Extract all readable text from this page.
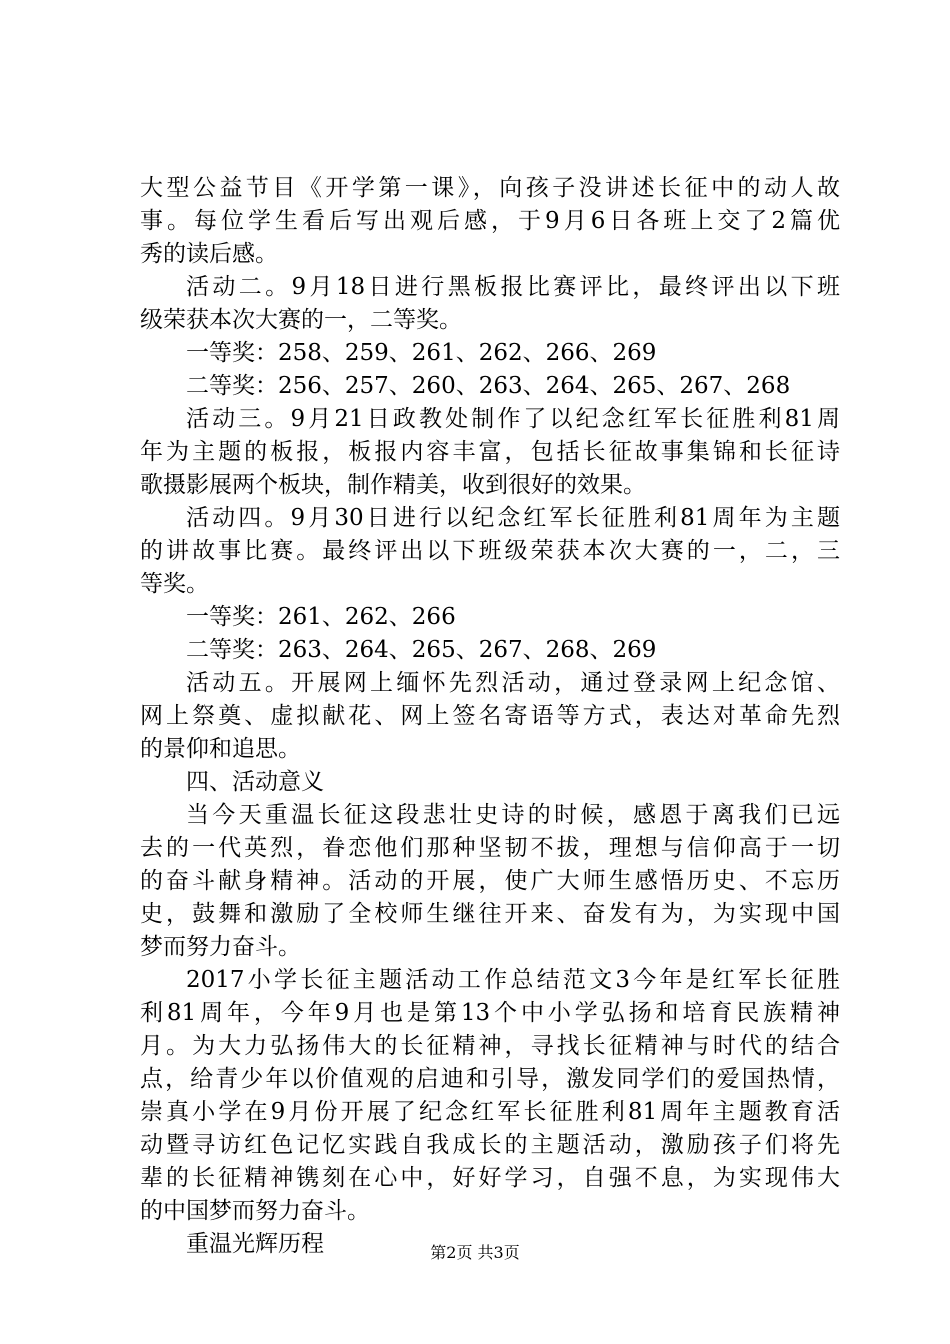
大型公益节目《开学第一课》，向孩子没讲述长征中的动人故
事。每位学生看后写出观后感，于9月6日各班上交了2篇优
秀的读后感。
活动二。9月18日进行黑板报比赛评比，最终评出以下班
级荣获本次大赛的一，二等奖。
一等奖：258、259、261、262、266、269
二等奖：256、257、260、263、264、265、267、268
活动三。9月21日政教处制作了以纪念红军长征胜利81周
年为主题的板报，板报内容丰富，包括长征故事集锦和长征诗
歌摄影展两个板块，制作精美，收到很好的效果。
活动四。9月30日进行以纪念红军长征胜利81周年为主题
的讲故事比赛。最终评出以下班级荣获本次大赛的一，二，三
等奖。
一等奖：261、262、266
二等奖：263、264、265、267、268、269
活动五。开展网上缅怀先烈活动，通过登录网上纪念馆、
网上祭奠、虚拟献花、网上签名寄语等方式，表达对革命先烈
的景仰和追思。
四、活动意义
当今天重温长征这段悲壮史诗的时候，感恩于离我们已远
去的一代英烈，眷恋他们那种坚韧不拔，理想与信仰高于一切
的奋斗献身精神。活动的开展，使广大师生感悟历史、不忘历
史，鼓舞和激励了全校师生继往开来、奋发有为，为实现中国
梦而努力奋斗。
2017小学长征主题活动工作总结范文3今年是红军长征胜
利81周年，今年9月也是第13个中小学弘扬和培育民族精神
月。为大力弘扬伟大的长征精神，寻找长征精神与时代的结合
点，给青少年以价值观的启迪和引导，激发同学们的爱国热情，
崇真小学在9月份开展了纪念红军长征胜利81周年主题教育活
动暨寻访红色记忆实践自我成长的主题活动，激励孩子们将先
辈的长征精神镌刻在心中，好好学习，自强不息，为实现伟大
的中国梦而努力奋斗。
重温光辉历程	第2页 共3页
